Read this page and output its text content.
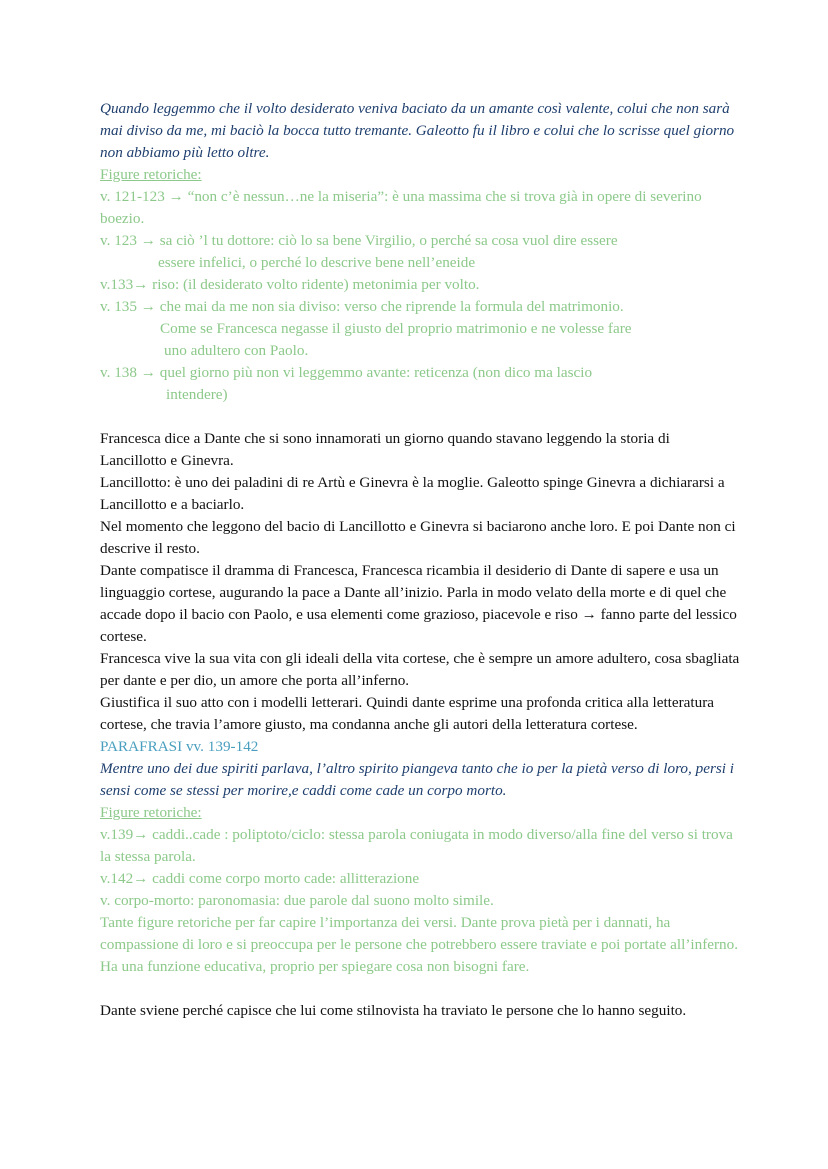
Quando leggemmo che il volto desiderato veniva baciato da un amante così valente, colui che non sarà mai diviso da me, mi baciò la bocca tutto tremante. Galeotto fu il libro e colui che lo scrisse quel giorno non abbiamo più letto oltre.

Figure retoriche:

v. 121-123 → “non c’è nessun…ne la miseria”: è una massima che si trova già in opere di severino boezio.

v. 123 → sa ciò ’l tu dottore: ciò lo sa bene Virgilio, o perché sa cosa vuol dire essere

essere infelici, o perché lo descrive bene nell’eneide

v.133→ riso: (il desiderato volto ridente) metonimia per volto.

v. 135 → che mai da me non sia diviso: verso che riprende la formula del matrimonio.

Come se Francesca negasse il giusto del proprio matrimonio e ne volesse fare

uno adultero con Paolo.

v. 138 → quel giorno più non vi leggemmo avante: reticenza (non dico ma lascio

intendere)

Francesca dice a Dante che si sono innamorati un giorno quando stavano leggendo la storia di Lancillotto e Ginevra.

Lancillotto: è uno dei paladini di re Artù e Ginevra è la moglie. Galeotto spinge Ginevra a dichiararsi a Lancillotto e a baciarlo.

Nel momento che leggono del bacio di Lancillotto e Ginevra si baciarono anche loro. E poi Dante non ci descrive il resto.

Dante compatisce il dramma di Francesca, Francesca ricambia il desiderio di Dante di sapere e usa un linguaggio cortese, augurando la pace a Dante all’inizio. Parla in modo velato della morte e di quel che accade dopo il bacio con Paolo, e usa elementi come grazioso, piacevole e riso → fanno parte del lessico cortese.

Francesca vive la sua vita con gli ideali della vita cortese, che è sempre un amore adultero, cosa sbagliata per dante e per dio, un amore che porta all’inferno.

Giustifica il suo atto con i modelli letterari. Quindi dante esprime una profonda critica alla letteratura cortese, che travia l’amore giusto, ma condanna anche gli autori della letteratura cortese.

PARAFRASI vv. 139-142

Mentre uno dei due spiriti parlava, l’altro spirito piangeva tanto che io per la pietà verso di loro, persi i sensi come se stessi per morire,e caddi come cade un corpo morto.

Figure retoriche:

v.139→ caddi..cade : poliptoto/ciclo: stessa parola coniugata in modo diverso/alla fine del verso si trova la stessa parola.

v.142→ caddi come corpo morto cade: allitterazione

v. corpo-morto: paronomasia: due parole dal suono molto simile.

Tante figure retoriche per far capire l’importanza dei versi. Dante prova pietà per i dannati, ha compassione di loro e si preoccupa per le persone che potrebbero essere traviate e poi portate all’inferno. Ha una funzione educativa, proprio per spiegare cosa non bisogni fare.

Dante sviene perché capisce che lui come stilnovista ha traviato le persone che lo hanno seguito.
